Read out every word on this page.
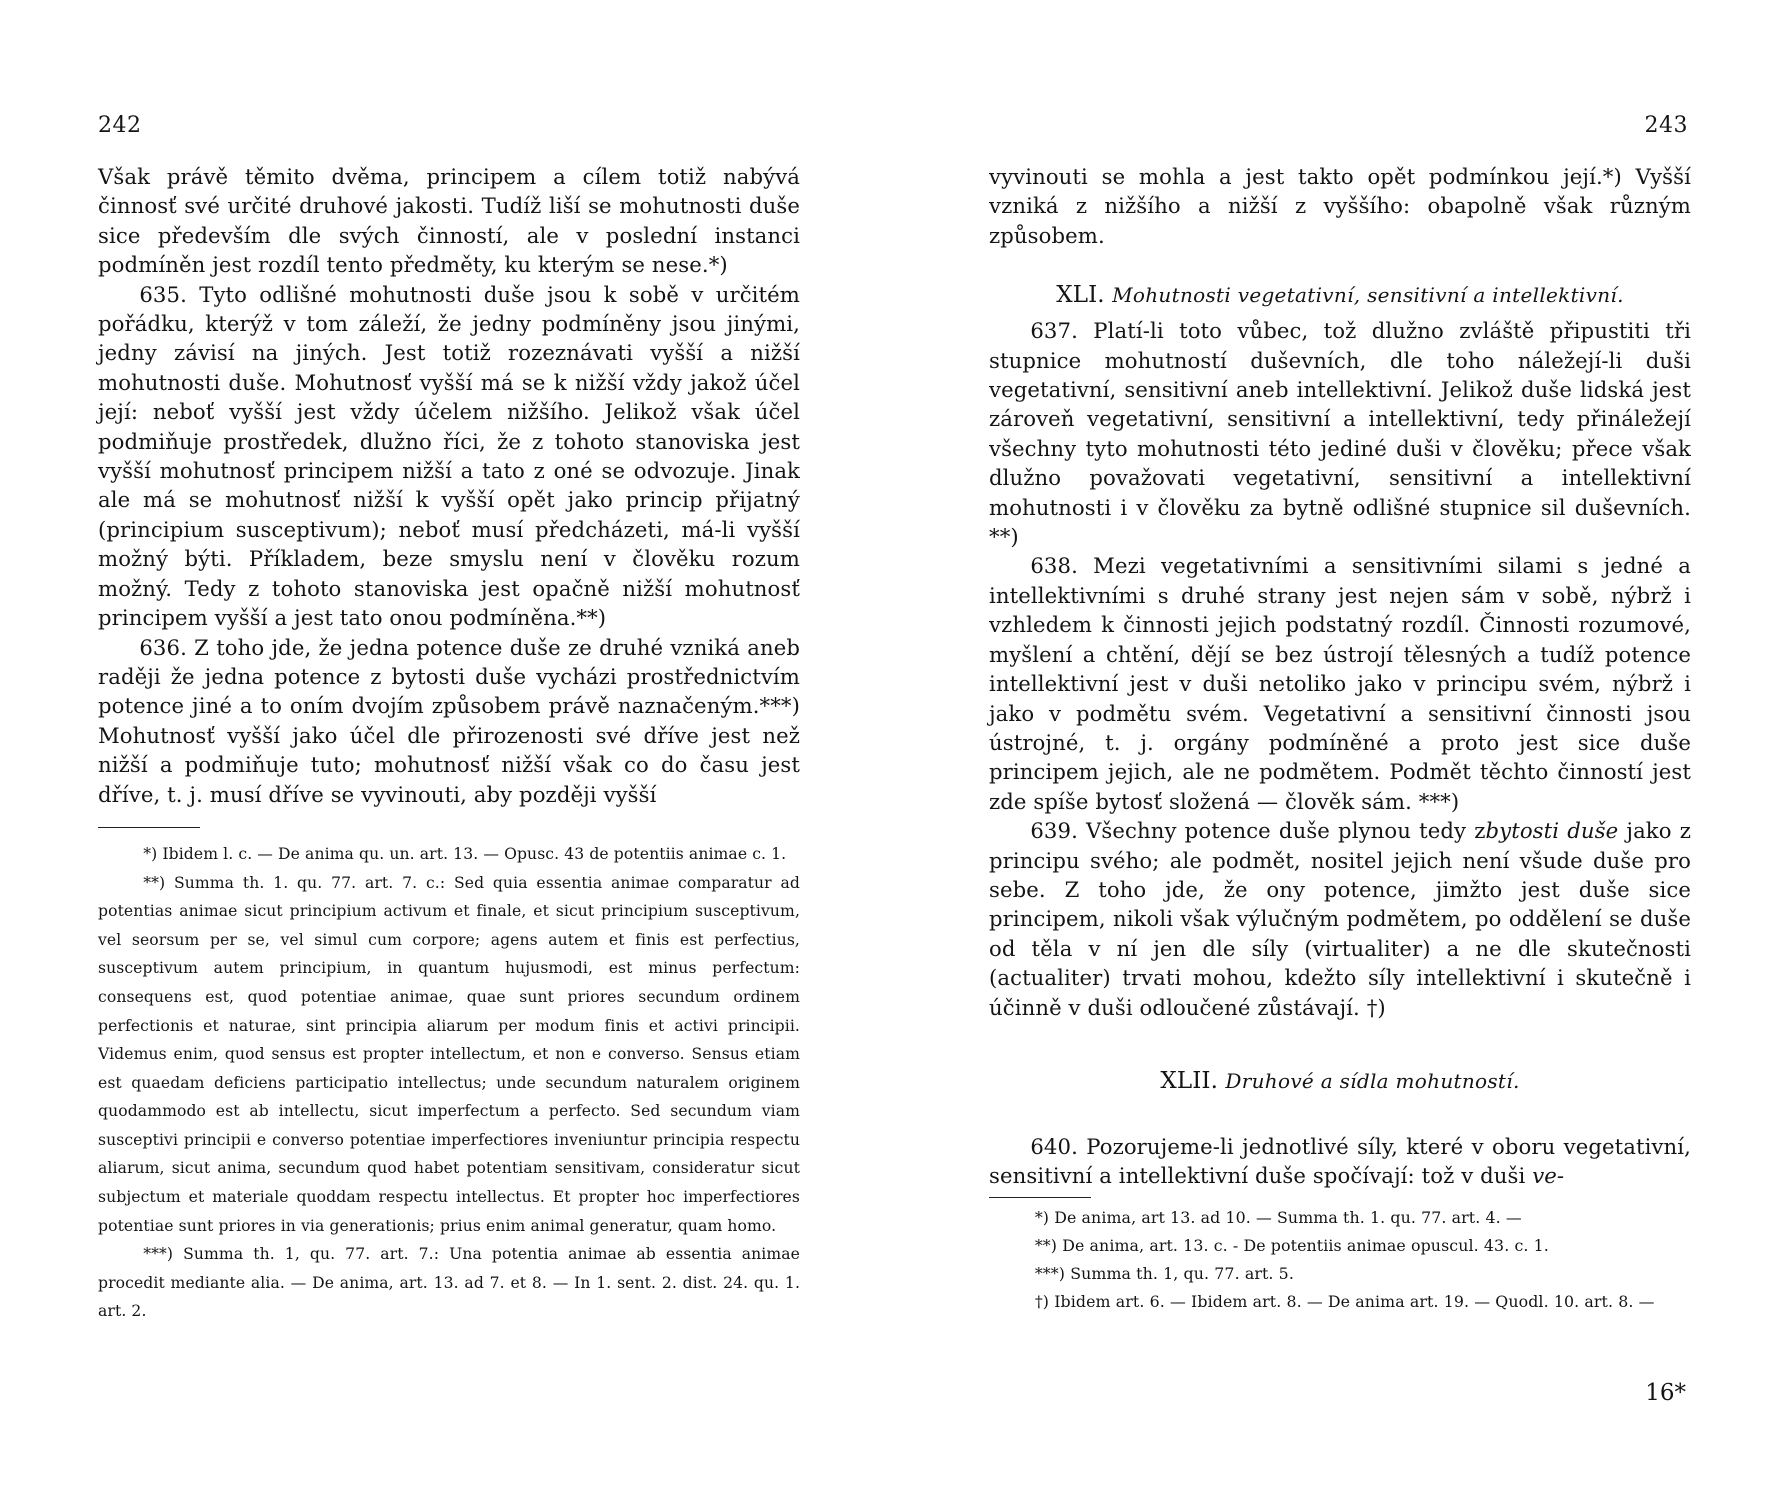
242

Však právě těmito dvěma, principem a cílem totiž nabývá činnosť své určité druhové jakosti. Tudíž liší se mohutnosti duše sice především dle svých činností, ale v poslední instanci podmíněn jest rozdíl tento předměty, ku kterým se nese.*)

635. Tyto odlišné mohutnosti duše jsou k sobě v určitém pořádku, kterýž v tom záleží, že jedny podmíněny jsou jinými, jedny závisí na jiných. Jest totiž rozeznávati vyšší a nižší mohutnosti duše. Mohutnosť vyšší má se k nižší vždy jakož účel její: neboť vyšší jest vždy účelem nižšího. Jelikož však účel podmiňuje prostředek, dlužno říci, že z tohoto stanoviska jest vyšší mohutnosť principem nižší a tato z oné se odvozuje. Jinak ale má se mohutnosť nižší k vyšší opět jako princip přijatný (principium susceptivum); neboť musí předcházeti, má-li vyšší možný býti. Příkladem, beze smyslu není v člověku rozum možný. Tedy z tohoto stanoviska jest opačně nižší mohutnosť principem vyšší a jest tato onou podmíněna.**)

636. Z toho jde, že jedna potence duše ze druhé vzniká aneb raději že jedna potence z bytosti duše vycházi prostřednictvím potence jiné a to oním dvojím způsobem právě naznačeným.***) Mohutnosť vyšší jako účel dle přirozenosti své dříve jest než nižší a podmiňuje tuto; mohutnosť nižší však co do času jest dříve, t. j. musí dříve se vyvinouti, aby později vyšší

*) Ibidem l. c. — De anima qu. un. art. 13. — Opusc. 43 de potentiis animae c. 1.

**) Summa th. 1. qu. 77. art. 7. c.: Sed quia essentia animae comparatur ad potentias animae sicut principium activum et finale, et sicut principium susceptivum, vel seorsum per se, vel simul cum corpore; agens autem et finis est perfectius, susceptivum autem principium, in quantum hujusmodi, est minus perfectum: consequens est, quod potentiae animae, quae sunt priores secundum ordinem perfectionis et naturae, sint principia aliarum per modum finis et activi principii. Videmus enim, quod sensus est propter intellectum, et non e converso. Sensus etiam est quaedam deficiens participatio intellectus; unde secundum naturalem originem quodammodo est ab intellectu, sicut imperfectum a perfecto. Sed secundum viam susceptivi principii e converso potentiae imperfectiores inveniuntur principia respectu aliarum, sicut anima, secundum quod habet potentiam sensitivam, consideratur sicut subjectum et materiale quoddam respectu intellectus. Et propter hoc imperfectiores potentiae sunt priores in via generationis; prius enim animal generatur, quam homo.

***) Summa th. 1, qu. 77. art. 7.: Una potentia animae ab essentia animae procedit mediante alia. — De anima, art. 13. ad 7. et 8. — In 1. sent. 2. dist. 24. qu. 1. art. 2.

243

vyvinouti se mohla a jest takto opět podmínkou její.*) Vyšší vzniká z nižšího a nižší z vyššího: obapolně však různým způsobem.

XLI. Mohutnosti vegetativní, sensitivní a intellektivní.

637. Platí-li toto vůbec, tož dlužno zvláště připustiti tři stupnice mohutností duševních, dle toho náležejí-li duši vegetativní, sensitivní aneb intellektivní. Jelikož duše lidská jest zároveň vegetativní, sensitivní a intellektivní, tedy přináležejí všechny tyto mohutnosti této jediné duši v člověku; přece však dlužno považovati vegetativní, sensitivní a intellektivní mohutnosti i v člověku za bytně odlišné stupnice sil duševních. **)

638. Mezi vegetativními a sensitivními silami s jedné a intellektivními s druhé strany jest nejen sám v sobě, nýbrž i vzhledem k činnosti jejich podstatný rozdíl. Činnosti rozumové, myšlení a chtění, dějí se bez ústrojí tělesných a tudíž potence intellektivní jest v duši netoliko jako v principu svém, nýbrž i jako v podmětu svém. Vegetativní a sensitivní činnosti jsou ústrojné, t. j. orgány podmíněné a proto jest sice duše principem jejich, ale ne podmětem. Podmět těchto činností jest zde spíše bytosť složená — člověk sám. ***)

639. Všechny potence duše plynou tedy zbytosti duše jako z principu svého; ale podmět, nositel jejich není všude duše pro sebe. Z toho jde, že ony potence, jimžto jest duše sice principem, nikoli však výlučným podmětem, po oddělení se duše od těla v ní jen dle síly (virtualiter) a ne dle skutečnosti (actualiter) trvati mohou, kdežto síly intellektivní i skutečně i účinně v duši odloučené zůstávají. †)

XLII. Druhové a sídla mohutností.

640. Pozorujeme-li jednotlivé síly, které v oboru vegetativní, sensitivní a intellektivní duše spočívají: tož v duši ve-

*) De anima, art 13. ad 10. — Summa th. 1. qu. 77. art. 4. —

**) De anima, art. 13. c. - De potentiis animae opuscul. 43. c. 1.

***) Summa th. 1, qu. 77. art. 5.

†) Ibidem art. 6. — Ibidem art. 8. — De anima art. 19. — Quodl. 10. art. 8. —

16*
